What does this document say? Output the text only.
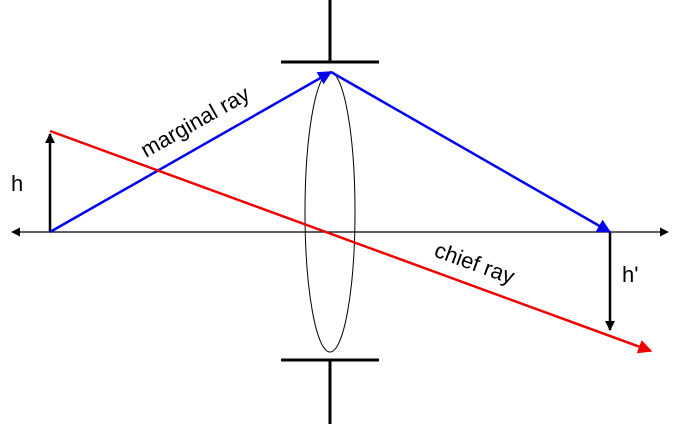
h
h'
marginal ray
chief ray
